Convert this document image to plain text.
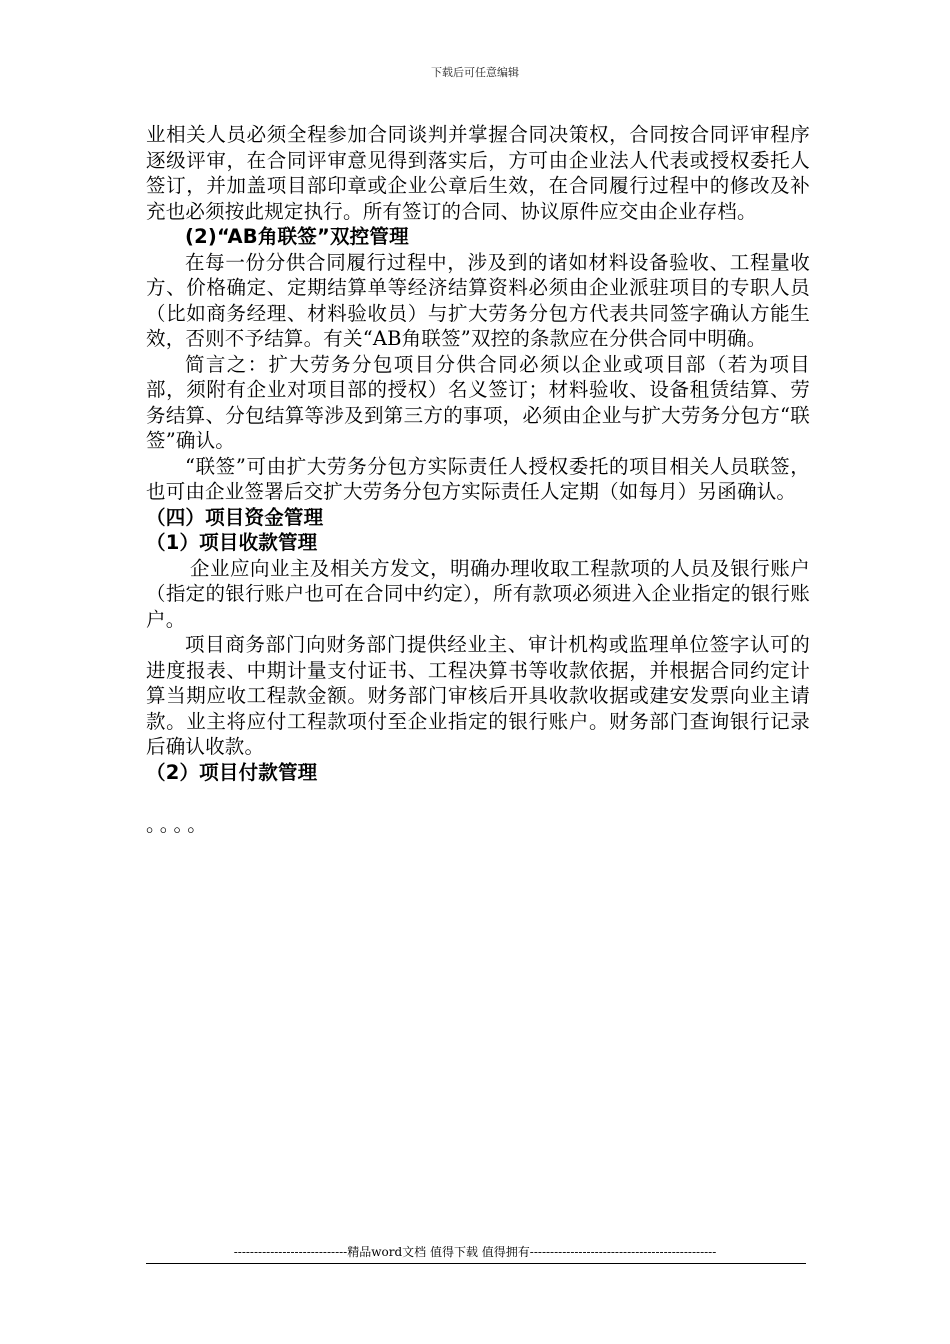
下载后可任意编辑

业相关人员必须全程参加合同谈判并掌握合同决策权，合同按合同评审程序逐级评审，在合同评审意见得到落实后，方可由企业法人代表或授权委托人签订，并加盖项目部印章或企业公章后生效，在合同履行过程中的修改及补充也必须按此规定执行。所有签订的合同、协议原件应交由企业存档。

(2)“AB角联签”双控管理

在每一份分供合同履行过程中，涉及到的诸如材料设备验收、工程量收方、价格确定、定期结算单等经济结算资料必须由企业派驻项目的专职人员（比如商务经理、材料验收员）与扩大劳务分包方代表共同签字确认方能生效，否则不予结算。有关“AB角联签”双控的条款应在分供合同中明确。

简言之：扩大劳务分包项目分供合同必须以企业或项目部（若为项目部，须附有企业对项目部的授权）名义签订；材料验收、设备租赁结算、劳务结算、分包结算等涉及到第三方的事项，必须由企业与扩大劳务分包方“联签”确认。

“联签”可由扩大劳务分包方实际责任人授权委托的项目相关人员联签，也可由企业签署后交扩大劳务分包方实际责任人定期（如每月）另函确认。

（四）项目资金管理

（1）项目收款管理

企业应向业主及相关方发文，明确办理收取工程款项的人员及银行账户（指定的银行账户也可在合同中约定），所有款项必须进入企业指定的银行账户。

项目商务部门向财务部门提供经业主、审计机构或监理单位签字认可的进度报表、中期计量支付证书、工程决算书等收款依据，并根据合同约定计算当期应收工程款金额。财务部门审核后开具收款收据或建安发票向业主请款。业主将应付工程款项付至企业指定的银行账户。财务部门查询银行记录后确认收款。

（2）项目付款管理

。。。。
----------------------------精品word文档 值得下载 值得拥有----------------------------------------------
